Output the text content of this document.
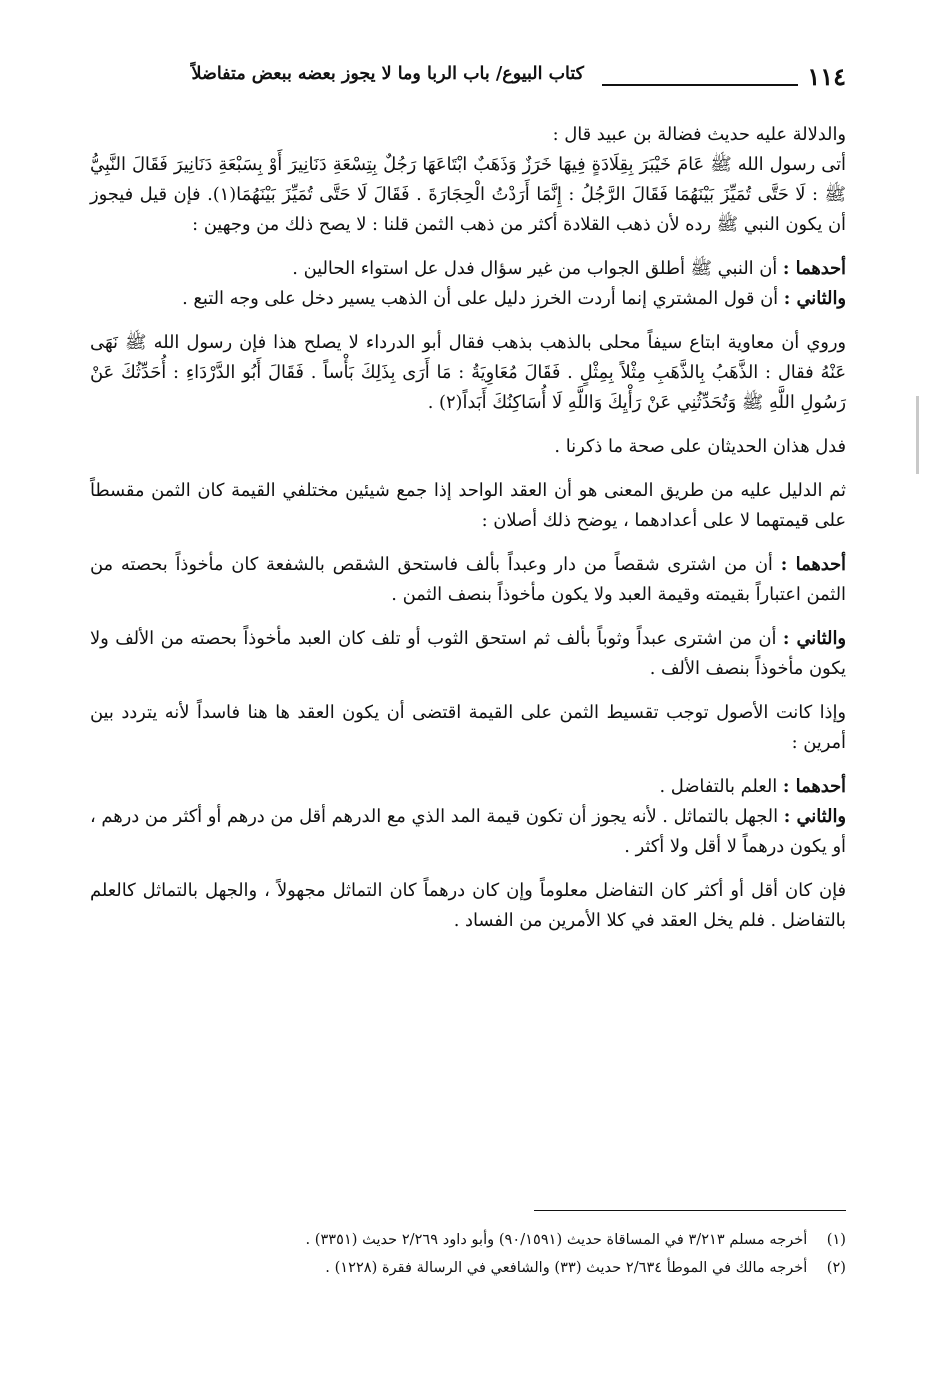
١١٤
كتاب البيوع/ باب الربا وما لا يجوز بعضه ببعض متفاضلاً

والدلالة عليه حديث فضالة بن عبيد قال :

أتى رسول الله ﷺ عَامَ خَيْبَرَ بِقِلَادَةٍ فِيهَا خَرَزٌ وَذَهَبٌ ابْتَاعَهَا رَجُلٌ بِتِسْعَةِ دَنَانِيرَ أَوْ بِسَبْعَةِ دَنَانِيرَ فَقَالَ النَّبِيُّ ﷺ : لَا حَتَّى تُمَيِّزَ بَيْنَهُمَا فَقَالَ الرَّجُلُ : إِنَّمَا أَرَدْتُ الْحِجَارَةَ . فَقَالَ لَا حَتَّى تُمَيِّزَ بَيْنَهُمَا(١). فإن قيل فيجوز أن يكون النبي ﷺ رده لأن ذهب القلادة أكثر من ذهب الثمن قلنا : لا يصح ذلك من وجهين :

أحدهما : أن النبي ﷺ أطلق الجواب من غير سؤال فدل عل استواء الحالين .

والثاني : أن قول المشتري إنما أردت الخرز دليل على أن الذهب يسير دخل على وجه التبع .

وروي أن معاوية ابتاع سيفاً محلى بالذهب بذهب فقال أبو الدرداء لا يصلح هذا فإن رسول الله ﷺ نَهَى عَنْهُ فقال : الذَّهَبُ بِالذَّهَبِ مِثْلاً بِمِثْلٍ . فَقَالَ مُعَاوِيَةُ : مَا أَرَى بِذَلِكَ بَأْساً . فَقَالَ أَبُو الدَّرْدَاءِ : أُحَدِّثُكَ عَنْ رَسُولِ اللَّهِ ﷺ وَتُحَدِّثُنِي عَنْ رَأْيِكَ وَاللَّهِ لَا أُسَاكِنُكَ أَبَداً(٢) .

فدل هذان الحديثان على صحة ما ذكرنا .

ثم الدليل عليه من طريق المعنى هو أن العقد الواحد إذا جمع شيئين مختلفي القيمة كان الثمن مقسطاً على قيمتهما لا على أعدادهما ، يوضح ذلك أصلان :

أحدهما : أن من اشترى شقصاً من دار وعبداً بألف فاستحق الشقص بالشفعة كان مأخوذاً بحصته من الثمن اعتباراً بقيمته وقيمة العبد ولا يكون مأخوذاً بنصف الثمن .

والثاني : أن من اشترى عبداً وثوباً بألف ثم استحق الثوب أو تلف كان العبد مأخوذاً بحصته من الألف ولا يكون مأخوذاً بنصف الألف .

وإذا كانت الأصول توجب تقسيط الثمن على القيمة اقتضى أن يكون العقد ها هنا فاسداً لأنه يتردد بين أمرين :

أحدهما : العلم بالتفاضل .

والثاني : الجهل بالتماثل . لأنه يجوز أن تكون قيمة المد الذي مع الدرهم أقل من درهم أو أكثر من درهم ، أو يكون درهماً لا أقل ولا أكثر .

فإن كان أقل أو أكثر كان التفاضل معلوماً وإن كان درهماً كان التماثل مجهولاً ، والجهل بالتماثل كالعلم بالتفاضل . فلم يخل العقد في كلا الأمرين من الفساد .

(١) أخرجه مسلم ٣/٢١٣ في المساقاة حديث (٩٠/١٥٩١) وأبو داود ٢/٢٦٩ حديث (٣٣٥١) .

(٢) أخرجه مالك في الموطأ ٢/٦٣٤ حديث (٣٣) والشافعي في الرسالة فقرة (١٢٢٨) .
